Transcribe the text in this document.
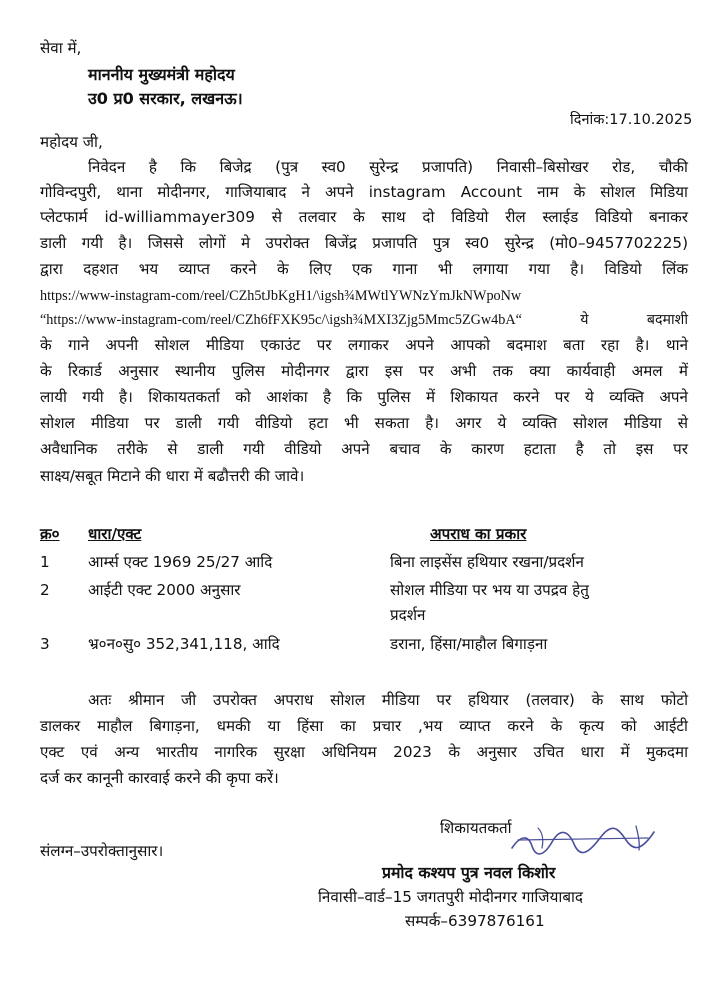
सेवा में,
माननीय मुख्यमंत्री महोदय
उ0 प्र0 सरकार, लखनऊ।
दिनांक:17.10.2025
महोदय जी,
निवेदन है कि बिजेद्र (पुत्र स्व0 सुरेन्द्र प्रजापति) निवासी–बिसोखर रोड, चौकी
गोविन्दपुरी, थाना मोदीनगर, गाजियाबाद ने अपने instagram Account नाम के सोशल मिडिया
प्लेटफार्म id-williammayer309 से तलवार के साथ दो विडियो रील स्लाईड विडियो बनाकर
डाली गयी है। जिससे लोगों मे उपरोक्त बिजेंद्र प्रजापति पुत्र स्व0 सुरेन्द्र (मो0–9457702225)
द्वारा दहशत भय व्याप्त करने के लिए एक गाना भी लगाया गया है। विडियो लिंक
https://www-instagram-com/reel/CZh5tJbKgH1/\igsh¾MWtlYWNzYmJkNWpoNw
“https://www-instagram-com/reel/CZh6fFXK95c/\igsh¾MXI3Zjg5Mmc5ZGw4bA“ ये बदमाशी
के गाने अपनी सोशल मीडिया एकाउंट पर लगाकर अपने आपको बदमाश बता रहा है। थाने
के रिकार्ड अनुसार स्थानीय पुलिस मोदीनगर द्वारा इस पर अभी तक क्या कार्यवाही अमल में
लायी गयी है। शिकायतकर्ता को आशंका है कि पुलिस में शिकायत करने पर ये व्यक्ति अपने
सोशल मीडिया पर डाली गयी वीडियो हटा भी सकता है। अगर ये व्यक्ति सोशल मीडिया से
अवैधानिक तरीके से डाली गयी वीडियो अपने बचाव के कारण हटाता है तो इस पर
साक्ष्य/सबूत मिटाने की धारा में बढौत्तरी की जावे।
क्र० धारा/एक्ट	अपराध का प्रकार
1	आर्म्स एक्ट 1969 25/27 आदि	बिना लाइसेंस हथियार रखना/प्रदर्शन
2	आईटी एक्ट 2000 अनुसार	सोशल मीडिया पर भय या उपद्रव हेतु
प्रदर्शन
3	भ्र०न०सु० 352,341,118, आदि	डराना, हिंसा/माहौल बिगाड़ना
अतः श्रीमान जी उपरोक्त अपराध सोशल मीडिया पर हथियार (तलवार) के साथ फोटो
डालकर माहौल बिगाड़ना, धमकी या हिंसा का प्रचार ,भय व्याप्त करने के कृत्य को आईटी
एक्ट एवं अन्य भारतीय नागरिक सुरक्षा अधिनियम 2023 के अनुसार उचित धारा में मुकदमा
दर्ज कर कानूनी कारवाई करने की कृपा करें।
शिकायतकर्ता
संलग्न–उपरोक्तानुसार।
प्रमोद कश्यप पुत्र नवल किशोर
निवासी–वार्ड–15 जगतपुरी मोदीनगर गाजियाबाद
सम्पर्क–6397876161
